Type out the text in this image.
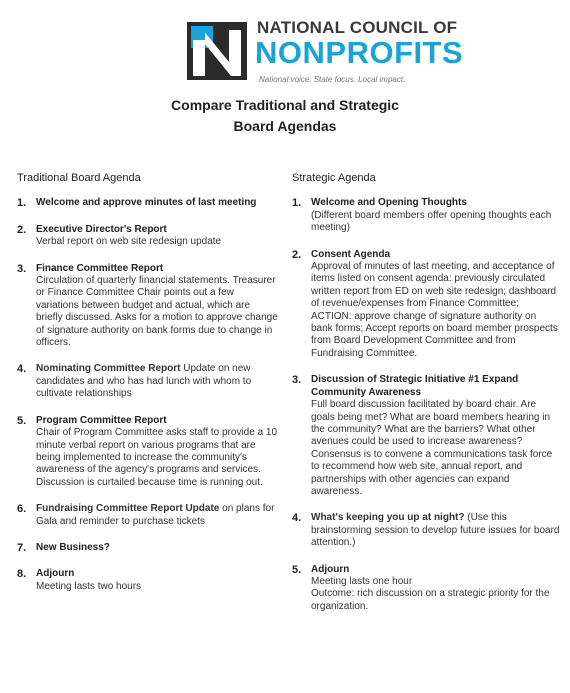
NATIONAL COUNCIL OF
NONPROFITS
National voice. State focus. Local impact.
Compare Traditional and Strategic
Board Agendas
Traditional Board Agenda
1. Welcome and approve minutes of last meeting
2. Executive Director's Report
Verbal report on web site redesign update
3. Finance Committee Report
Circulation of quarterly financial statements. Treasurer or Finance Committee Chair points out a few variations between budget and actual, which are briefly discussed. Asks for a motion to approve change of signature authority on bank forms due to change in officers.
4. Nominating Committee Report Update on new candidates and who has had lunch with whom to cultivate relationships
5. Program Committee Report
Chair of Program Committee asks staff to provide a 10 minute verbal report on various programs that are being implemented to increase the community's awareness of the agency's programs and services. Discussion is curtailed because time is running out.
6. Fundraising Committee Report Update on plans for Gala and reminder to purchase tickets
7. New Business?
8. Adjourn
Meeting lasts two hours
Strategic Agenda
1. Welcome and Opening Thoughts
(Different board members offer opening thoughts each meeting)
2. Consent Agenda
Approval of minutes of last meeting, and acceptance of items listed on consent agenda: previously circulated written report from ED on web site redesign; dashboard of revenue/expenses from Finance Committee; ACTION: approve change of signature authority on bank forms; Accept reports on board member prospects from Board Development Committee and from Fundraising Committee.
3. Discussion of Strategic Initiative #1 Expand Community Awareness
Full board discussion facilitated by board chair. Are goals being met? What are board members hearing in the community? What are the barriers? What other avenues could be used to increase awareness? Consensus is to convene a communications task force to recommend how web site, annual report, and partnerships with other agencies can expand awareness.
4. What's keeping you up at night? (Use this brainstorming session to develop future issues for board attention.)
5. Adjourn
Meeting lasts one hour
Outcome: rich discussion on a strategic priority for the organization.
